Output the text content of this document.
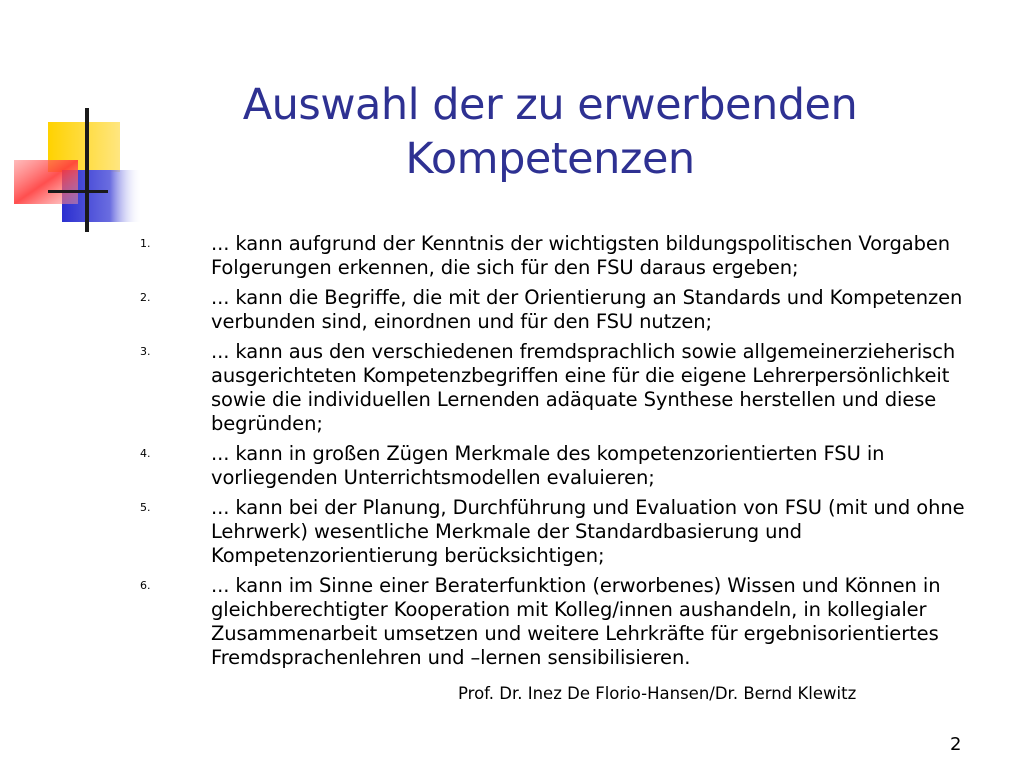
Auswahl der zu erwerbenden Kompetenzen
1.	... kann aufgrund der Kenntnis der wichtigsten bildungspolitischen Vorgaben Folgerungen erkennen, die sich für den FSU daraus ergeben;
2.	... kann die Begriffe, die mit der Orientierung an Standards und Kompetenzen verbunden sind, einordnen und für den FSU nutzen;
3.	... kann aus den verschiedenen fremdsprachlich sowie allgemeinerzieherisch ausgerichteten Kompetenzbegriffen eine für die eigene Lehrerpersönlichkeit sowie die individuellen Lernenden adäquate Synthese herstellen und diese begründen;
4.	... kann in großen Zügen Merkmale des kompetenzorientierten FSU in vorliegenden Unterrichtsmodellen evaluieren;
5.	... kann bei der Planung, Durchführung und Evaluation von FSU (mit und ohne Lehrwerk) wesentliche Merkmale der Standardbasierung und Kompetenzorientierung berücksichtigen;
6.	... kann im Sinne einer Beraterfunktion (erworbenes) Wissen und Können in gleichberechtigter Kooperation mit Kolleg/innen aushandeln, in kollegialer Zusammenarbeit umsetzen und weitere Lehrkräfte für ergebnisorientiertes Fremdsprachenlehren und –lernen sensibilisieren.
Prof. Dr. Inez De Florio-Hansen/Dr. Bernd Klewitz
2
